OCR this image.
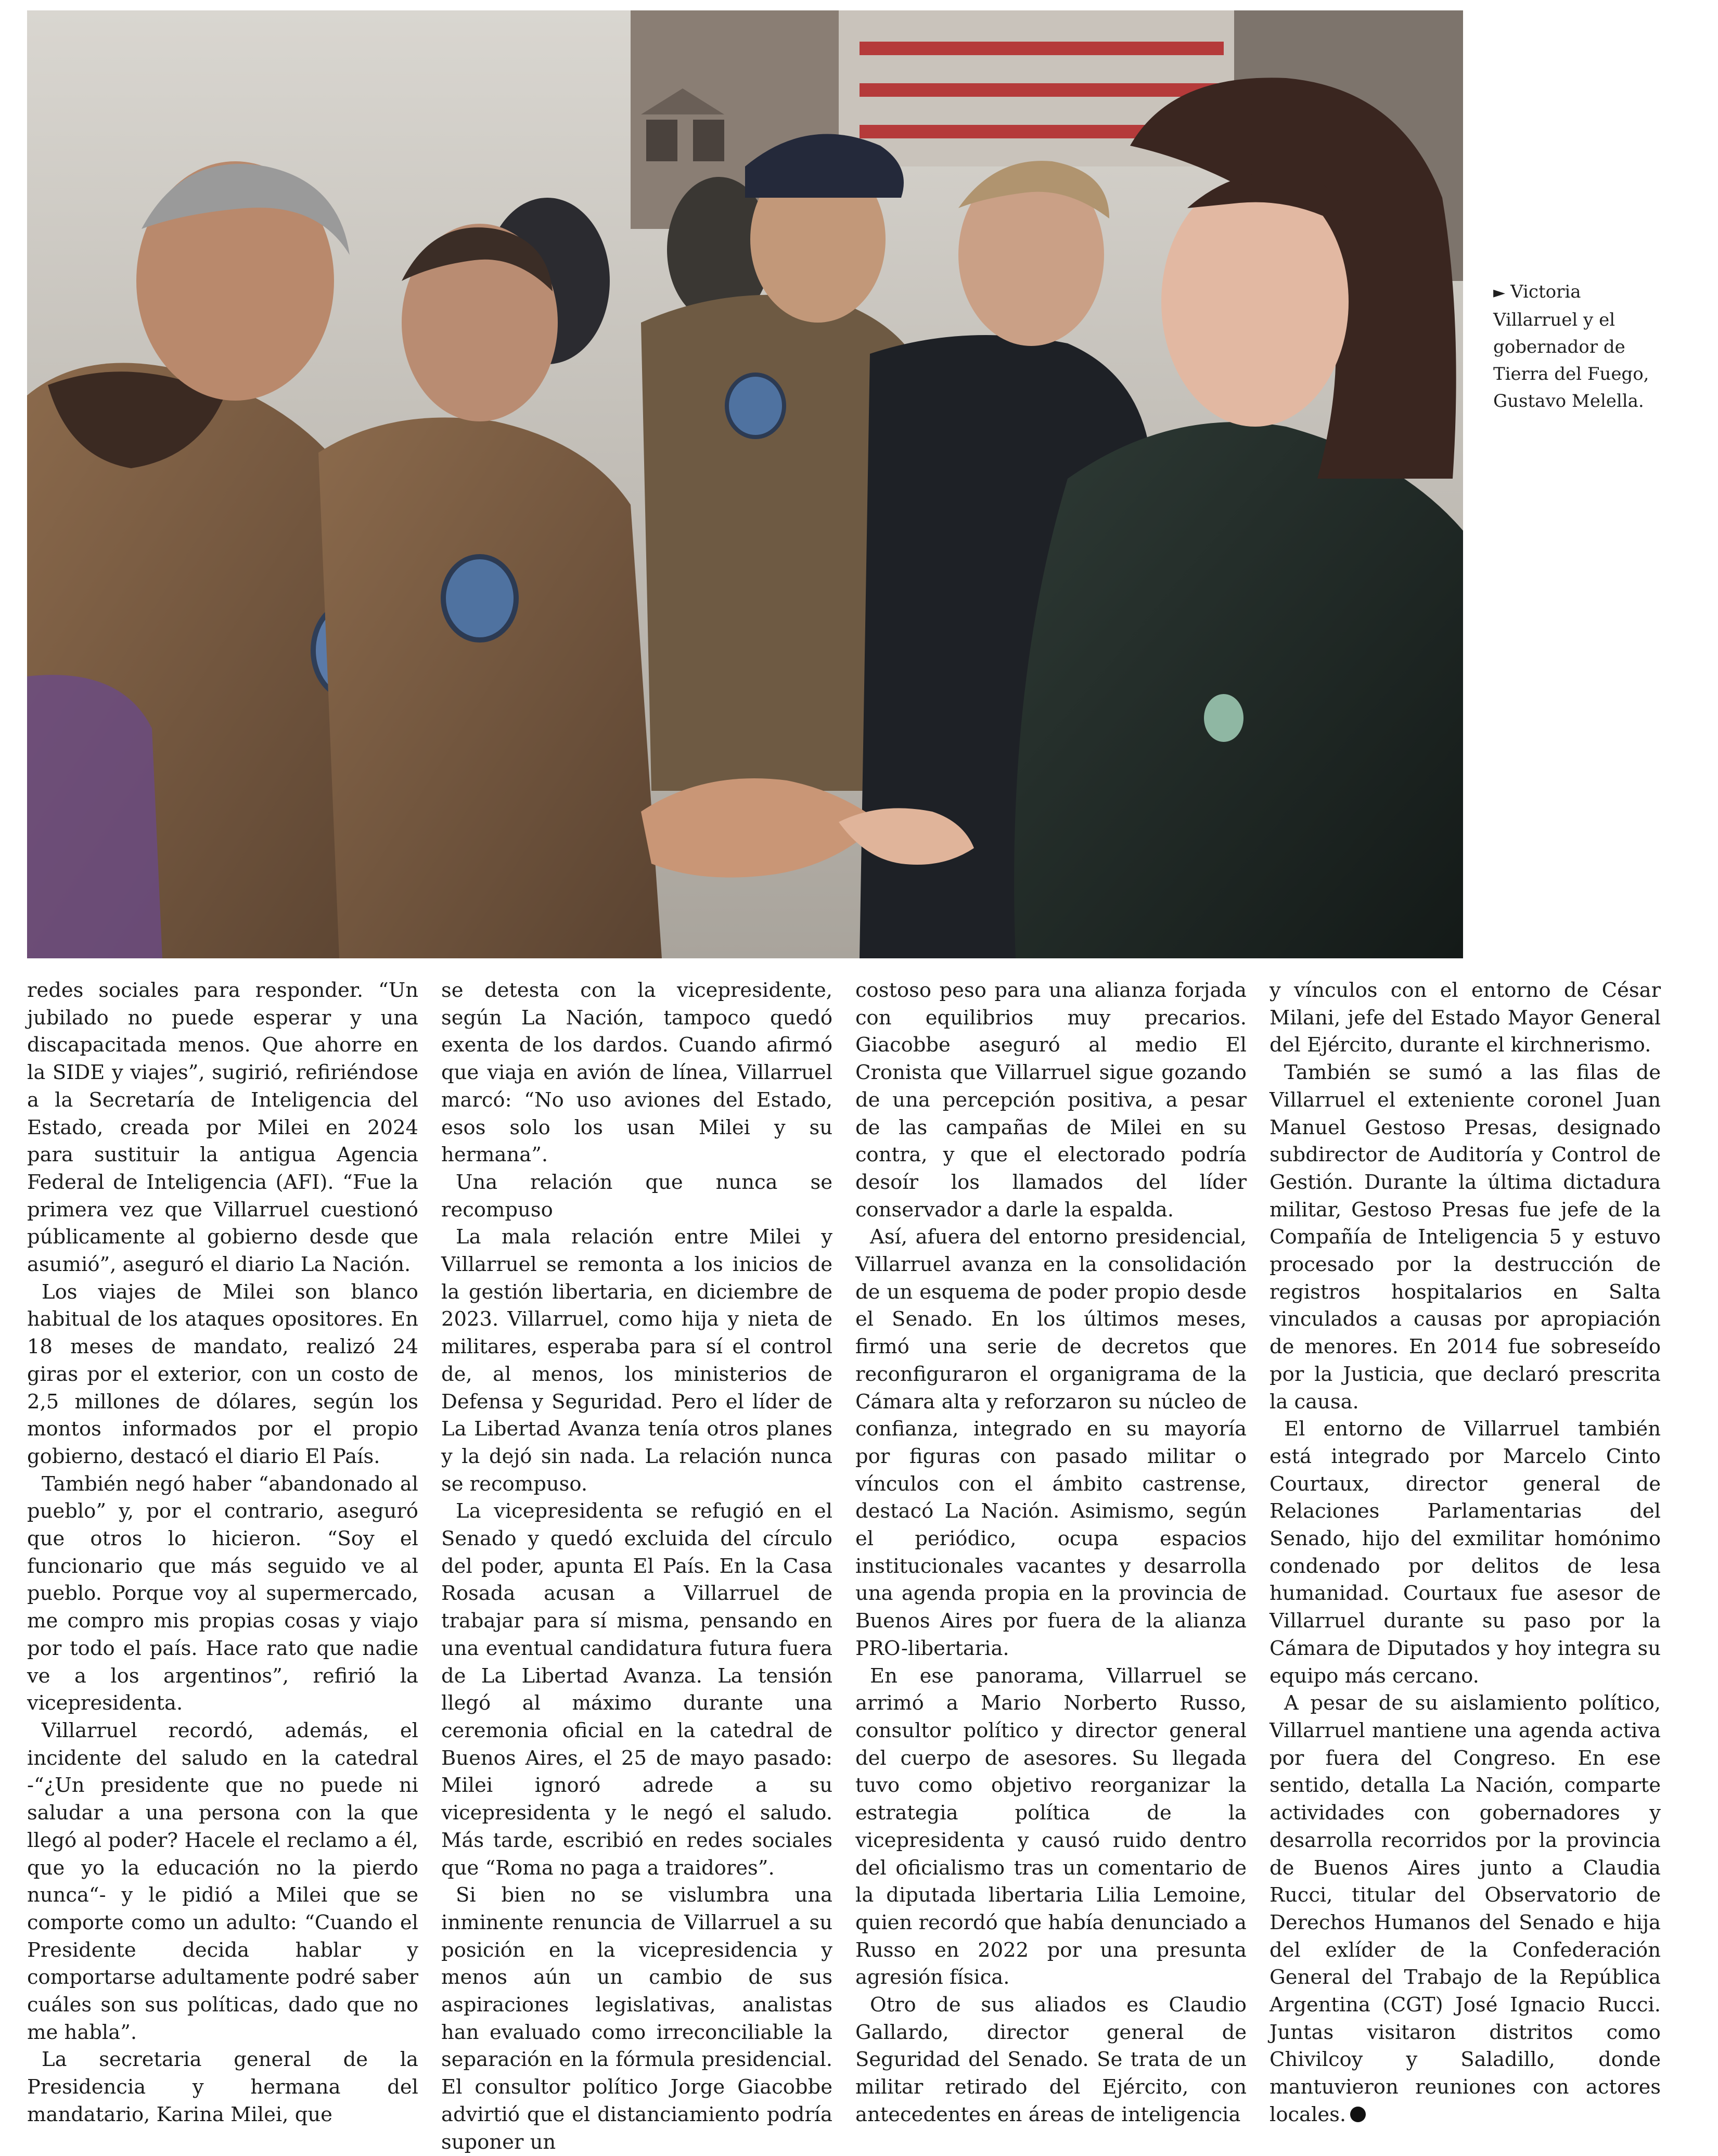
► Victoria Villarruel y el gobernador de Tierra del Fuego, Gustavo Melella.

redes sociales para responder. “Un jubilado no puede esperar y una discapacitada menos. Que ahorre en la SIDE y viajes”, sugirió, refiriéndose a la Secretaría de Inteligencia del Estado, creada por Milei en 2024 para sustituir la antigua Agencia Federal de Inteligencia (AFI). “Fue la primera vez que Villarruel cuestionó públicamente al gobierno desde que asumió”, aseguró el diario La Nación.

Los viajes de Milei son blanco habitual de los ataques opositores. En 18 meses de mandato, realizó 24 giras por el exterior, con un costo de 2,5 millones de dólares, según los montos informados por el propio gobierno, destacó el diario El País.

También negó haber “abandonado al pueblo” y, por el contrario, aseguró que otros lo hicieron. “Soy el funcionario que más seguido ve al pueblo. Porque voy al supermercado, me compro mis propias cosas y viajo por todo el país. Hace rato que nadie ve a los argentinos”, refirió la vicepresidenta.

Villarruel recordó, además, el incidente del saludo en la catedral -“¿Un presidente que no puede ni saludar a una persona con la que llegó al poder? Hacele el reclamo a él, que yo la educación no la pierdo nunca“- y le pidió a Milei que se comporte como un adulto: “Cuando el Presidente decida hablar y comportarse adultamente podré saber cuáles son sus políticas, dado que no me habla”.

La secretaria general de la Presidencia y hermana del mandatario, Karina Milei, que

se detesta con la vicepresidente, según La Nación, tampoco quedó exenta de los dardos. Cuando afirmó que viaja en avión de línea, Villarruel marcó: “No uso aviones del Estado, esos solo los usan Milei y su hermana”.

Una relación que nunca se recompuso

La mala relación entre Milei y Villarruel se remonta a los inicios de la gestión libertaria, en diciembre de 2023. Villarruel, como hija y nieta de militares, esperaba para sí el control de, al menos, los ministerios de Defensa y Seguridad. Pero el líder de La Libertad Avanza tenía otros planes y la dejó sin nada. La relación nunca se recompuso.

La vicepresidenta se refugió en el Senado y quedó excluida del círculo del poder, apunta El País. En la Casa Rosada acusan a Villarruel de trabajar para sí misma, pensando en una eventual candidatura futura fuera de La Libertad Avanza. La tensión llegó al máximo durante una ceremonia oficial en la catedral de Buenos Aires, el 25 de mayo pasado: Milei ignoró adrede a su vicepresidenta y le negó el saludo. Más tarde, escribió en redes sociales que “Roma no paga a traidores”.

Si bien no se vislumbra una inminente renuncia de Villarruel a su posición en la vicepresidencia y menos aún un cambio de sus aspiraciones legislativas, analistas han evaluado como irreconciliable la separación en la fórmula presidencial. El consultor político Jorge Giacobbe advirtió que el distanciamiento podría suponer un

costoso peso para una alianza forjada con equilibrios muy precarios. Giacobbe aseguró al medio El Cronista que Villarruel sigue gozando de una percepción positiva, a pesar de las campañas de Milei en su contra, y que el electorado podría desoír los llamados del líder conservador a darle la espalda.

Así, afuera del entorno presidencial, Villarruel avanza en la consolidación de un esquema de poder propio desde el Senado. En los últimos meses, firmó una serie de decretos que reconfiguraron el organigrama de la Cámara alta y reforzaron su núcleo de confianza, integrado en su mayoría por figuras con pasado militar o vínculos con el ámbito castrense, destacó La Nación. Asimismo, según el periódico, ocupa espacios institucionales vacantes y desarrolla una agenda propia en la provincia de Buenos Aires por fuera de la alianza PRO-libertaria.

En ese panorama, Villarruel se arrimó a Mario Norberto Russo, consultor político y director general del cuerpo de asesores. Su llegada tuvo como objetivo reorganizar la estrategia política de la vicepresidenta y causó ruido dentro del oficialismo tras un comentario de la diputada libertaria Lilia Lemoine, quien recordó que había denunciado a Russo en 2022 por una presunta agresión física.

Otro de sus aliados es Claudio Gallardo, director general de Seguridad del Senado. Se trata de un militar retirado del Ejército, con antecedentes en áreas de inteligencia

y vínculos con el entorno de César Milani, jefe del Estado Mayor General del Ejército, durante el kirchnerismo.

También se sumó a las filas de Villarruel el exteniente coronel Juan Manuel Gestoso Presas, designado subdirector de Auditoría y Control de Gestión. Durante la última dictadura militar, Gestoso Presas fue jefe de la Compañía de Inteligencia 5 y estuvo procesado por la destrucción de registros hospitalarios en Salta vinculados a causas por apropiación de menores. En 2014 fue sobreseído por la Justicia, que declaró prescrita la causa.

El entorno de Villarruel también está integrado por Marcelo Cinto Courtaux, director general de Relaciones Parlamentarias del Senado, hijo del exmilitar homónimo condenado por delitos de lesa humanidad. Courtaux fue asesor de Villarruel durante su paso por la Cámara de Diputados y hoy integra su equipo más cercano.

A pesar de su aislamiento político, Villarruel mantiene una agenda activa por fuera del Congreso. En ese sentido, detalla La Nación, comparte actividades con gobernadores y desarrolla recorridos por la provincia de Buenos Aires junto a Claudia Rucci, titular del Observatorio de Derechos Humanos del Senado e hija del exlíder de la Confederación General del Trabajo de la República Argentina (CGT) José Ignacio Rucci. Juntas visitaron distritos como Chivilcoy y Saladillo, donde mantuvieron reuniones con actores locales.
